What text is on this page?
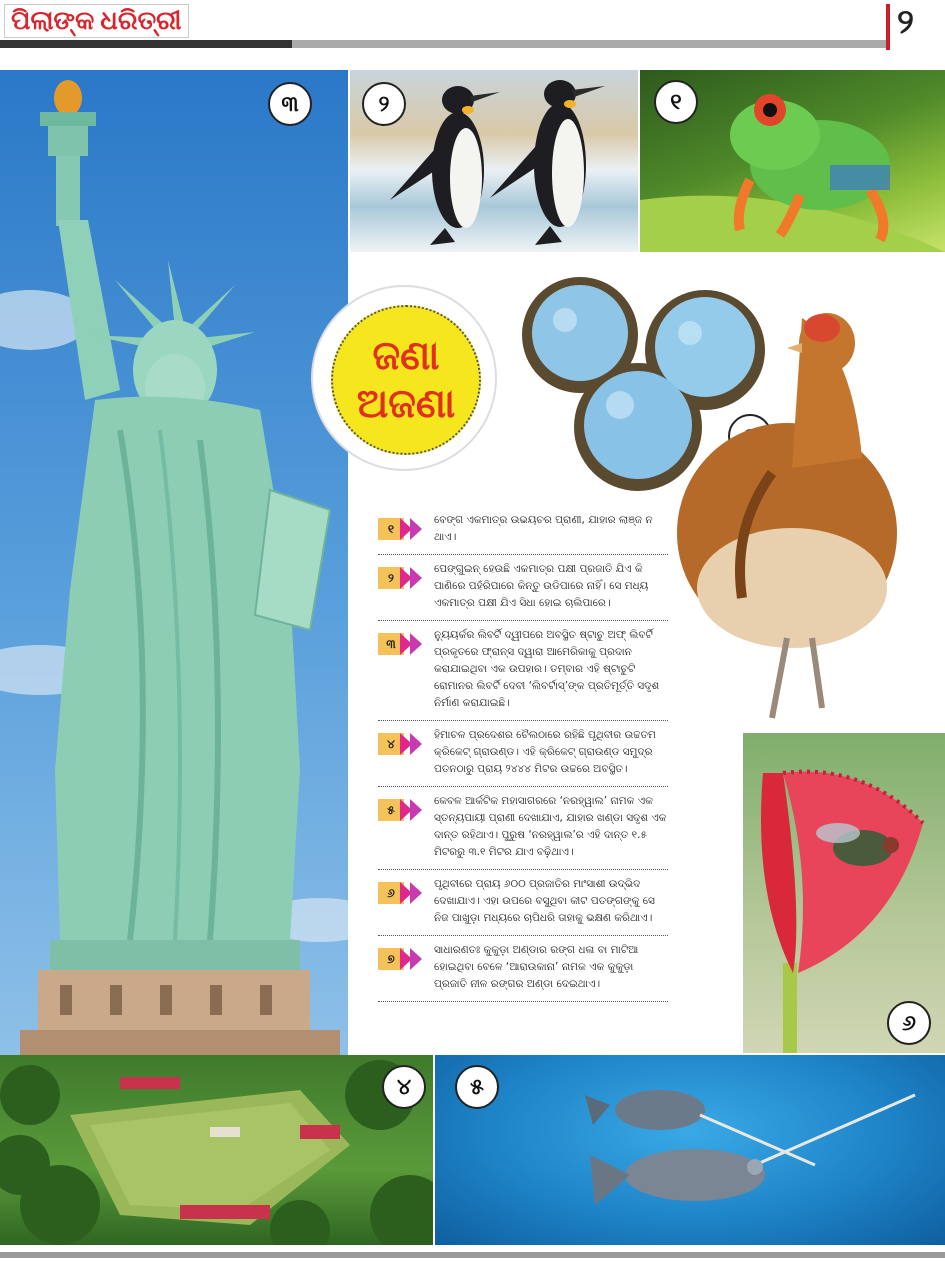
ପିଲାଙ୍କ ଧରିତ୍ରୀ	୨
୩	୨	୧
ଜଣା
ଅଜଣା
୧
ବେଙ୍ଗ ଏକମାତ୍ର ଉଭୟଚର ପ୍ରାଣୀ, ଯାହାର ଲାଞ୍ଜ ନ ଥାଏ।
୨
ପେଙ୍ଗୁଇନ୍ ହେଉଛି ଏକମାତ୍ର ପକ୍ଷୀ ପ୍ରଜାତି ଯିଏ କି ପାଣିରେ ପହଁରିପାରେ କିନ୍ତୁ ଉଡିପାରେ ନାହିଁ। ସେ ମଧ୍ୟ ଏକମାତ୍ର ପକ୍ଷୀ ଯିଏ ସିଧା ହୋଇ ଚାଲିପାରେ।
୩
ନ୍ୟୁୟର୍କର ଲିବର୍ଟି ଦ୍ୱୀପରେ ଅବସ୍ଥିତ ଷ୍ଟାଚୁ ଅଫ୍ ଲିବର୍ଟି ପ୍ରକୃତରେ ଫ୍ରାନ୍ସ ଦ୍ୱାରା ଆମେରିକାକୁ ପ୍ରଦାନ କରାଯାଇଥିବା ଏକ ଉପହାର। ତମ୍ବାର ଏହି ଷ୍ଟାଚୁଟି ରୋମାନର ଲିବର୍ଟି ଦେବୀ ‘ଲିବର୍ଟାସ୍’ଙ୍କ ପ୍ରତିମୂର୍ତ୍ତି ସଦୃଶ ନିର୍ମାଣ କରାଯାଇଛି।
୪
ହିମାଚଳ ପ୍ରଦେଶର ଚୈଲଠାରେ ରହିଛି ପୃଥିବୀର ଉଚ୍ଚତମ କ୍ରିକେଟ୍ ଗ୍ରାଉଣ୍ଡ। ଏହି କ୍ରିକେଟ୍ ଗ୍ରାଉଣ୍ଡ ସମୁଦ୍ର ପତନଠାରୁ ପ୍ରାୟ ୨୪୪୪ ମିଟର ଉଚ୍ଚରେ ଅବସ୍ଥିତ।
୫
କେବଳ ଆର୍କଟିକ ମହାସାଗରରେ ‘ନରହ୍ୱାଲ’ ନାମକ ଏକ ସ୍ତନ୍ୟପାୟୀ ପ୍ରାଣୀ ଦେଖାଯାଏ, ଯାହାର ଖଣ୍ଡା ସଦୃଶ ଏକ ଦାନ୍ତ ରହିଥାଏ। ପୁରୁଷ ‘ନରହ୍ୱାଲ’ର ଏହି ଦାନ୍ତ ୧.୫ ମିଟରରୁ ୩.୧ ମିଟର ଯାଏ ବଢ଼ିଥାଏ।
୬
ପୃଥିବୀରେ ପ୍ରାୟ ୬୦୦ ପ୍ରଜାତିର ମାଂସାଶୀ ଉଦ୍ଭିଦ ଦେଖାଯାଏ। ଏହା ଉପରେ ବସୁଥିବା କୀଟ ପତଙ୍ଗଙ୍କୁ ସେ ନିଜ ପାଖୁଡ଼ା ମଧ୍ୟରେ ଚାପିଧରି ତାହାକୁ ଭକ୍ଷଣ କରିଥାଏ।
୭
ସାଧାରଣତଃ କୁକୁଡ଼ା ଅଣ୍ଡାର ରଙ୍ଗ ଧଳା ବା ମାଟିଆ ହୋଇଥିବା ବେଳେ ‘ଆରାଉକାନା’ ନାମକ ଏକ କୁକୁଡ଼ା ପ୍ରଜାତି ନୀଳ ରଙ୍ଗର ଅଣ୍ଡା ଦେଇଥାଏ।
୬
୪	୫
